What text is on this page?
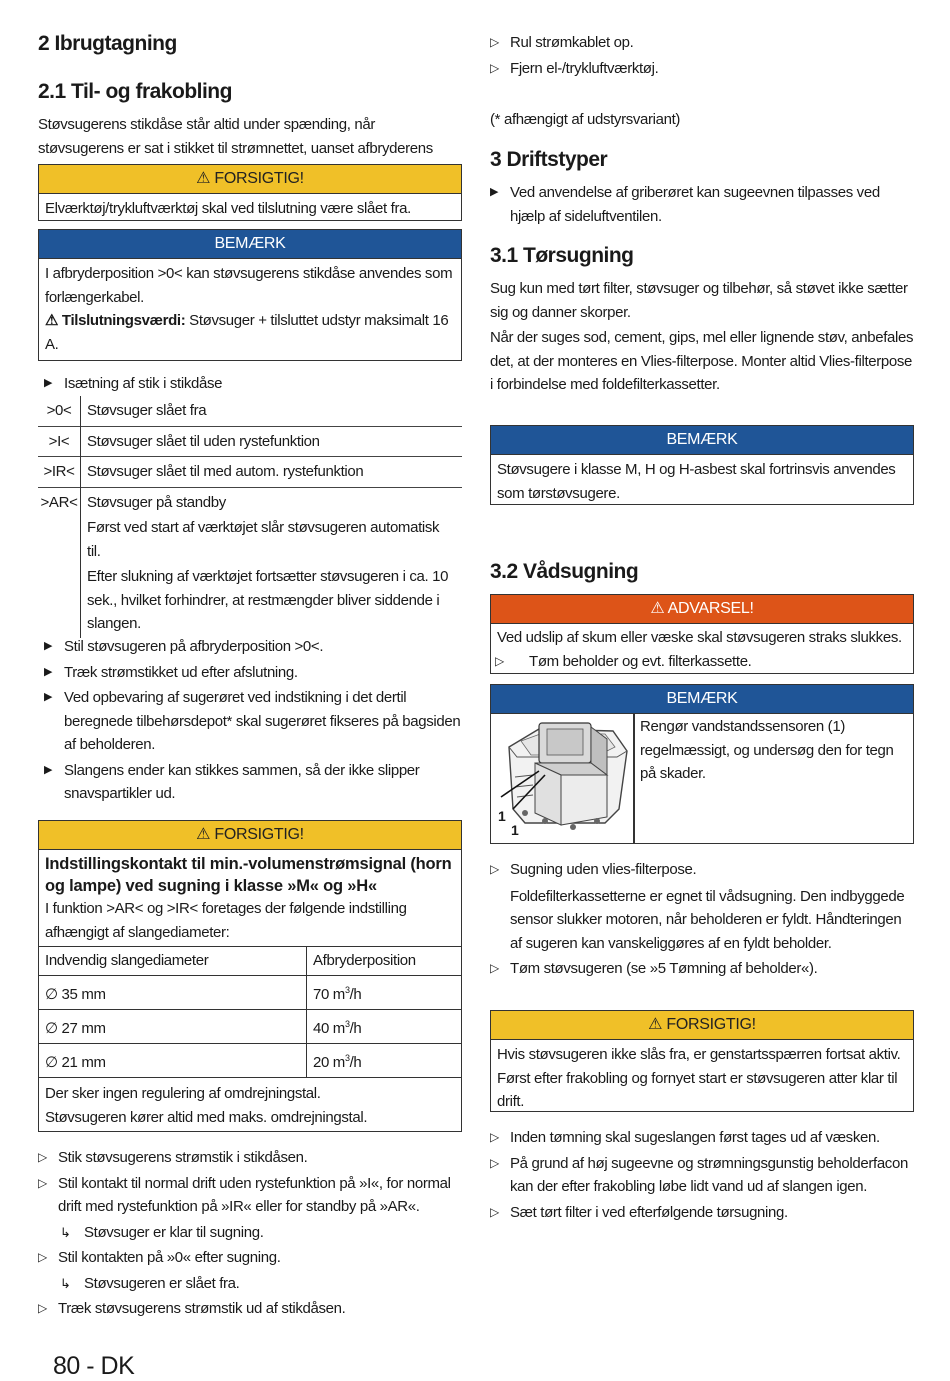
2 Ibrugtagning
2.1 Til- og frakobling

Støvsugerens stikdåse står altid under spænding, når støvsugerens er sat i stikket til strømnettet, uanset afbryderens

⚠ FORSIGTIG!
Elværktøj/trykluftværktøj skal ved tilslutning være slået fra.
BEMÆRK

I afbryderposition >0< kan støvsugerens stikdåse anvendes som forlængerkabel.

⚠ Tilslutningsværdi: Støvsuger + tilsluttet udstyr maksimalt 16 A.

▶ Isætning af stik i stikdåse
>0<	Støvsuger slået fra
>I<	Støvsuger slået til uden rystefunktion
>IR<	Støvsuger slået til med autom. rystefunktion
>AR<	Støvsuger på standby
Først ved start af værktøjet slår støvsugeren automatisk til.
Efter slukning af værktøjet fortsætter støvsugeren i ca. 10 sek., hvilket forhindrer, at restmængder bliver siddende i slangen.
▶ Stil støvsugeren på afbryderposition >0<.
▶ Træk strømstikket ud efter afslutning.
▶ Ved opbevaring af sugerøret ved indstikning i det dertil beregnede tilbehørsdepot* skal sugerøret fikseres på bagsiden af beholderen.
▶ Slangens ender kan stikkes sammen, så der ikke slipper snavspartikler ud.
⚠ FORSIGTIG!

Indstillingskontakt til min.-volumenstrømsignal (horn og lampe) ved sugning i klasse »M« og »H«

I funktion >AR< og >IR< foretages der følgende indstilling afhængigt af slangediameter:

Indvendig slangediameter	Afbryderposition
∅ 35 mm	70 $m^3/h$
∅ 27 mm	40 $m^3/h$
∅ 21 mm	20 $m^3/h$

Der sker ingen regulering af omdrejningstal.

Støvsugeren kører altid med maks. omdrejningstal.

▷ Stik støvsugerens strømstik i stikdåsen.
▷ Stil kontakt til normal drift uden rystefunktion på »I«, for normal drift med rystefunktion på »IR« eller for standby på »AR«.
↳ Støvsuger er klar til sugning.
▷ Stil kontakten på »0« efter sugning.
↳ Støvsugeren er slået fra.
▷ Træk støvsugerens strømstik ud af stikdåsen.
80 - DK
▷ Rul strømkablet op.
▷ Fjern el-/trykluftværktøj.

(* afhængigt af udstyrsvariant)

3 Driftstyper
▶ Ved anvendelse af griberøret kan sugeevnen tilpasses ved hjælp af sideluftventilen.
3.1 Tørsugning

Sug kun med tørt filter, støvsuger og tilbehør, så støvet ikke sætter sig og danner skorper.

Når der suges sod, cement, gips, mel eller lignende støv, anbefales det, at der monteres en Vlies-filterpose. Monter altid Vlies-filterpose i forbindelse med foldefilterkassetter.

BEMÆRK
Støvsugere i klasse M, H og H-asbest skal fortrinsvis anvendes som tørstøvsugere.
3.2 Vådsugning
⚠ ADVARSEL!

Ved udslip af skum eller væske skal støvsugeren straks slukkes.

▷ Tøm beholder og evt. filterkassette.
BEMÆRK
1
1

Rengør vandstandssensoren (1) regelmæssigt, og undersøg den for tegn på skader.

▷ Sugning uden vlies-filterpose.

Foldefilterkassetterne er egnet til vådsugning. Den indbyggede sensor slukker motoren, når beholderen er fyldt. Håndteringen af sugeren kan vanskeliggøres af en fyldt beholder.

▷ Tøm støvsugeren (se »5 Tømning af beholder«).
⚠ FORSIGTIG!
Hvis støvsugeren ikke slås fra, er genstartsspærren fortsat aktiv. Først efter frakobling og fornyet start er støvsugeren atter klar til drift.
▷ Inden tømning skal sugeslangen først tages ud af væsken.
▷ På grund af høj sugeevne og strømningsgunstig beholderfacon kan der efter frakobling løbe lidt vand ud af slangen igen.
▷ Sæt tørt filter i ved efterfølgende tørsugning.
